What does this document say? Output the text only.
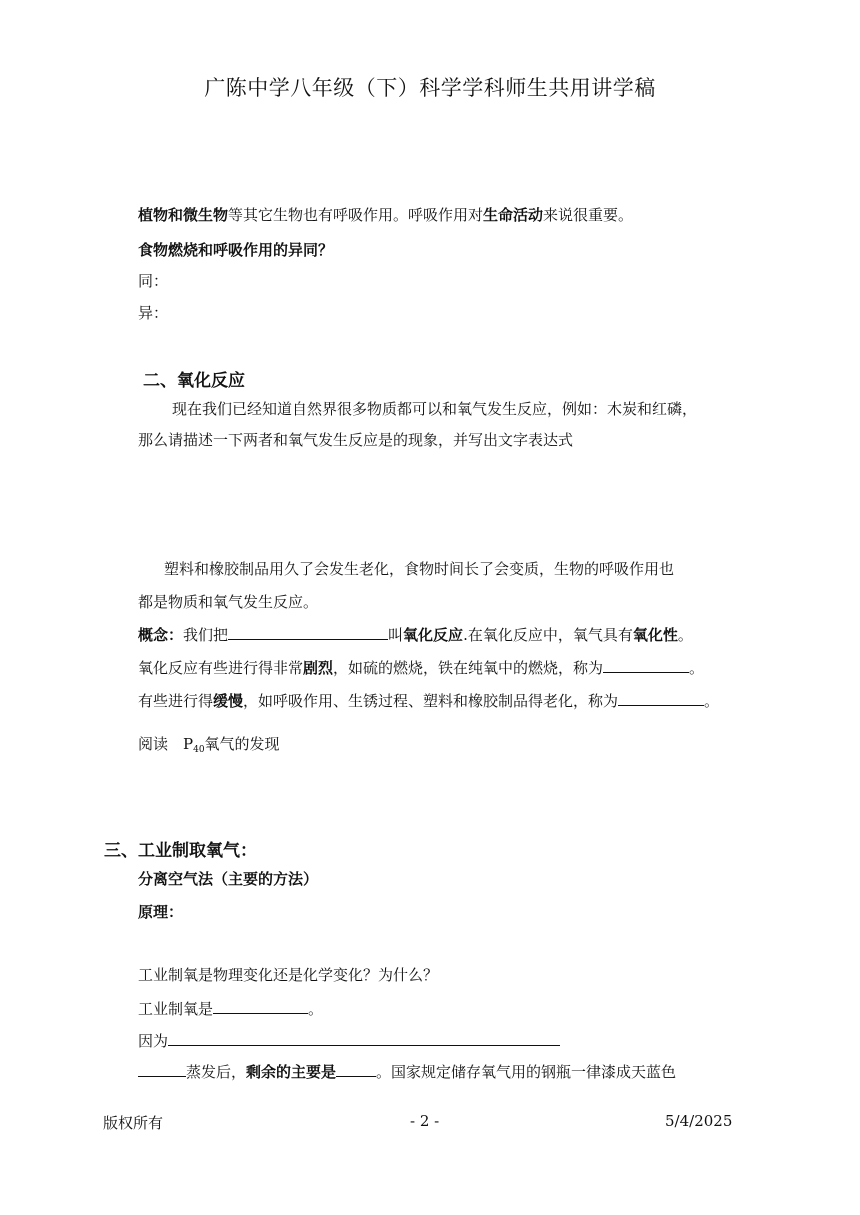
广陈中学八年级（下）科学学科师生共用讲学稿
植物和微生物等其它生物也有呼吸作用。呼吸作用对生命活动来说很重要。
食物燃烧和呼吸作用的异同？
同：
异：
二、氧化反应
现在我们已经知道自然界很多物质都可以和氧气发生反应，例如：木炭和红磷，
那么请描述一下两者和氧气发生反应是的现象，并写出文字表达式
塑料和橡胶制品用久了会发生老化，食物时间长了会变质，生物的呼吸作用也
都是物质和氧气发生反应。
概念：我们把	叫氧化反应.在氧化反应中，氧气具有氧化性。
氧化反应有些进行得非常剧烈，如硫的燃烧，铁在纯氧中的燃烧，称为	。
有些进行得缓慢，如呼吸作用、生锈过程、塑料和橡胶制品得老化，称为	。
阅读　$P_{40}$氧气的发现
三、工业制取氧气：
分离空气法（主要的方法）
原理：
工业制氧是物理变化还是化学变化？为什么？
工业制氧是	。
因为
蒸发后，剩余的主要是	。国家规定储存氧气用的钢瓶一律漆成天蓝色
版权所有	- 2 -	5/4/2025
